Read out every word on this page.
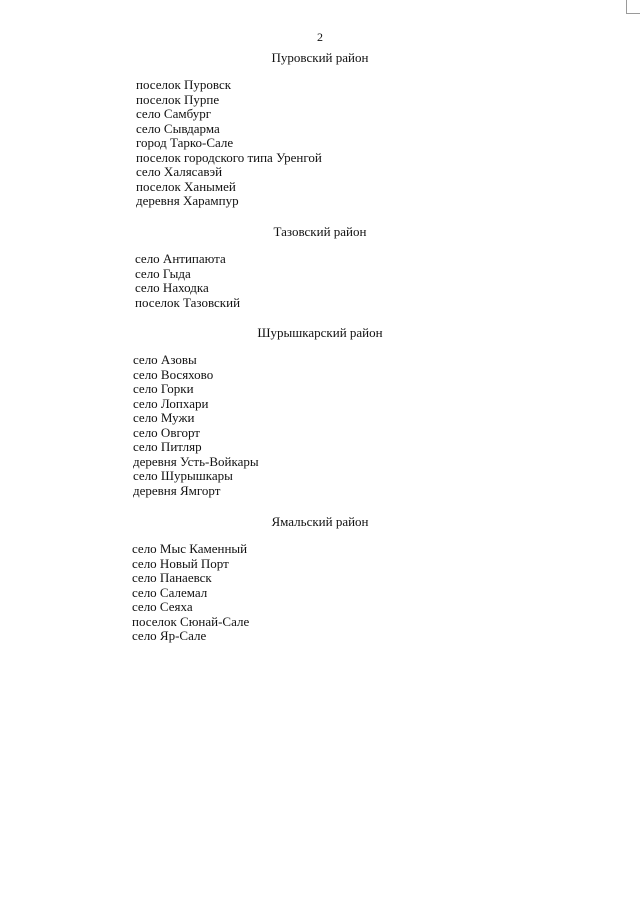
2
Пуровский район
поселок Пуровск
поселок Пурпе
село Самбург
село Сывдарма
город Тарко-Сале
поселок городского типа Уренгой
село Халясавэй
поселок Ханымей
деревня Харампур
Тазовский район
село Антипаюта
село Гыда
село Находка
поселок Тазовский
Шурышкарский район
село Азовы
село Восяхово
село Горки
село Лопхари
село Мужи
село Овгорт
село Питляр
деревня Усть-Войкары
село Шурышкары
деревня Ямгорт
Ямальский район
село Мыс Каменный
село Новый Порт
село Панаевск
село Салемал
село Сеяха
поселок Сюнай-Сале
село Яр-Сале
